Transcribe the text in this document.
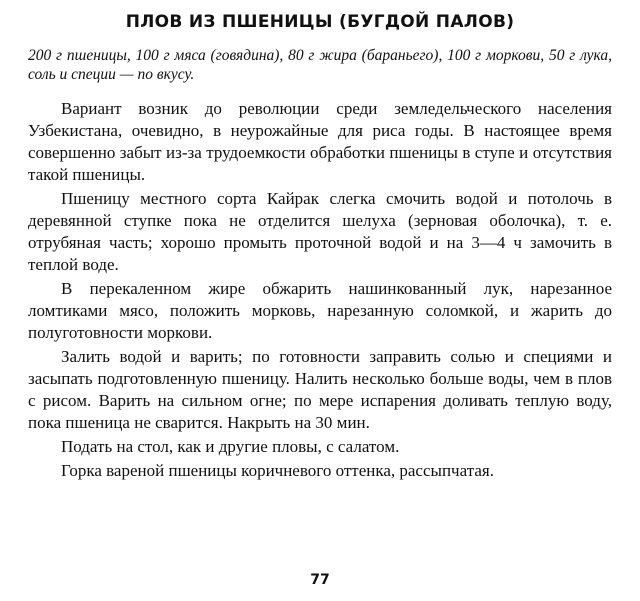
ПЛОВ ИЗ ПШЕНИЦЫ (БУГДОЙ ПАЛОВ)
200 г пшеницы, 100 г мяса (говядина), 80 г жира (бараньего), 100 г моркови, 50 г лука, соль и специи — по вкусу.

Вариант возник до революции среди земледельческого населения Узбекистана, очевидно, в неурожайные для риса годы. В настоящее время совершенно забыт из-за трудоемкости обработки пшеницы в ступе и отсутствия такой пшеницы.

Пшеницу местного сорта Кайрак слегка смочить водой и потолочь в деревянной ступке пока не отделится шелуха (зерновая оболочка), т. е. отрубяная часть; хорошо промыть проточной водой и на 3—4 ч замочить в теплой воде.

В перекаленном жире обжарить нашинкованный лук, нарезанное ломтиками мясо, положить морковь, нарезанную соломкой, и жарить до полуготовности моркови.

Залить водой и варить; по готовности заправить солью и специями и засыпать подготовленную пшеницу. Налить несколько больше воды, чем в плов с рисом. Варить на сильном огне; по мере испарения доливать теплую воду, пока пшеница не сварится. Накрыть на 30 мин.

Подать на стол, как и другие пловы, с салатом.

Горка вареной пшеницы коричневого оттенка, рассыпчатая.

77
